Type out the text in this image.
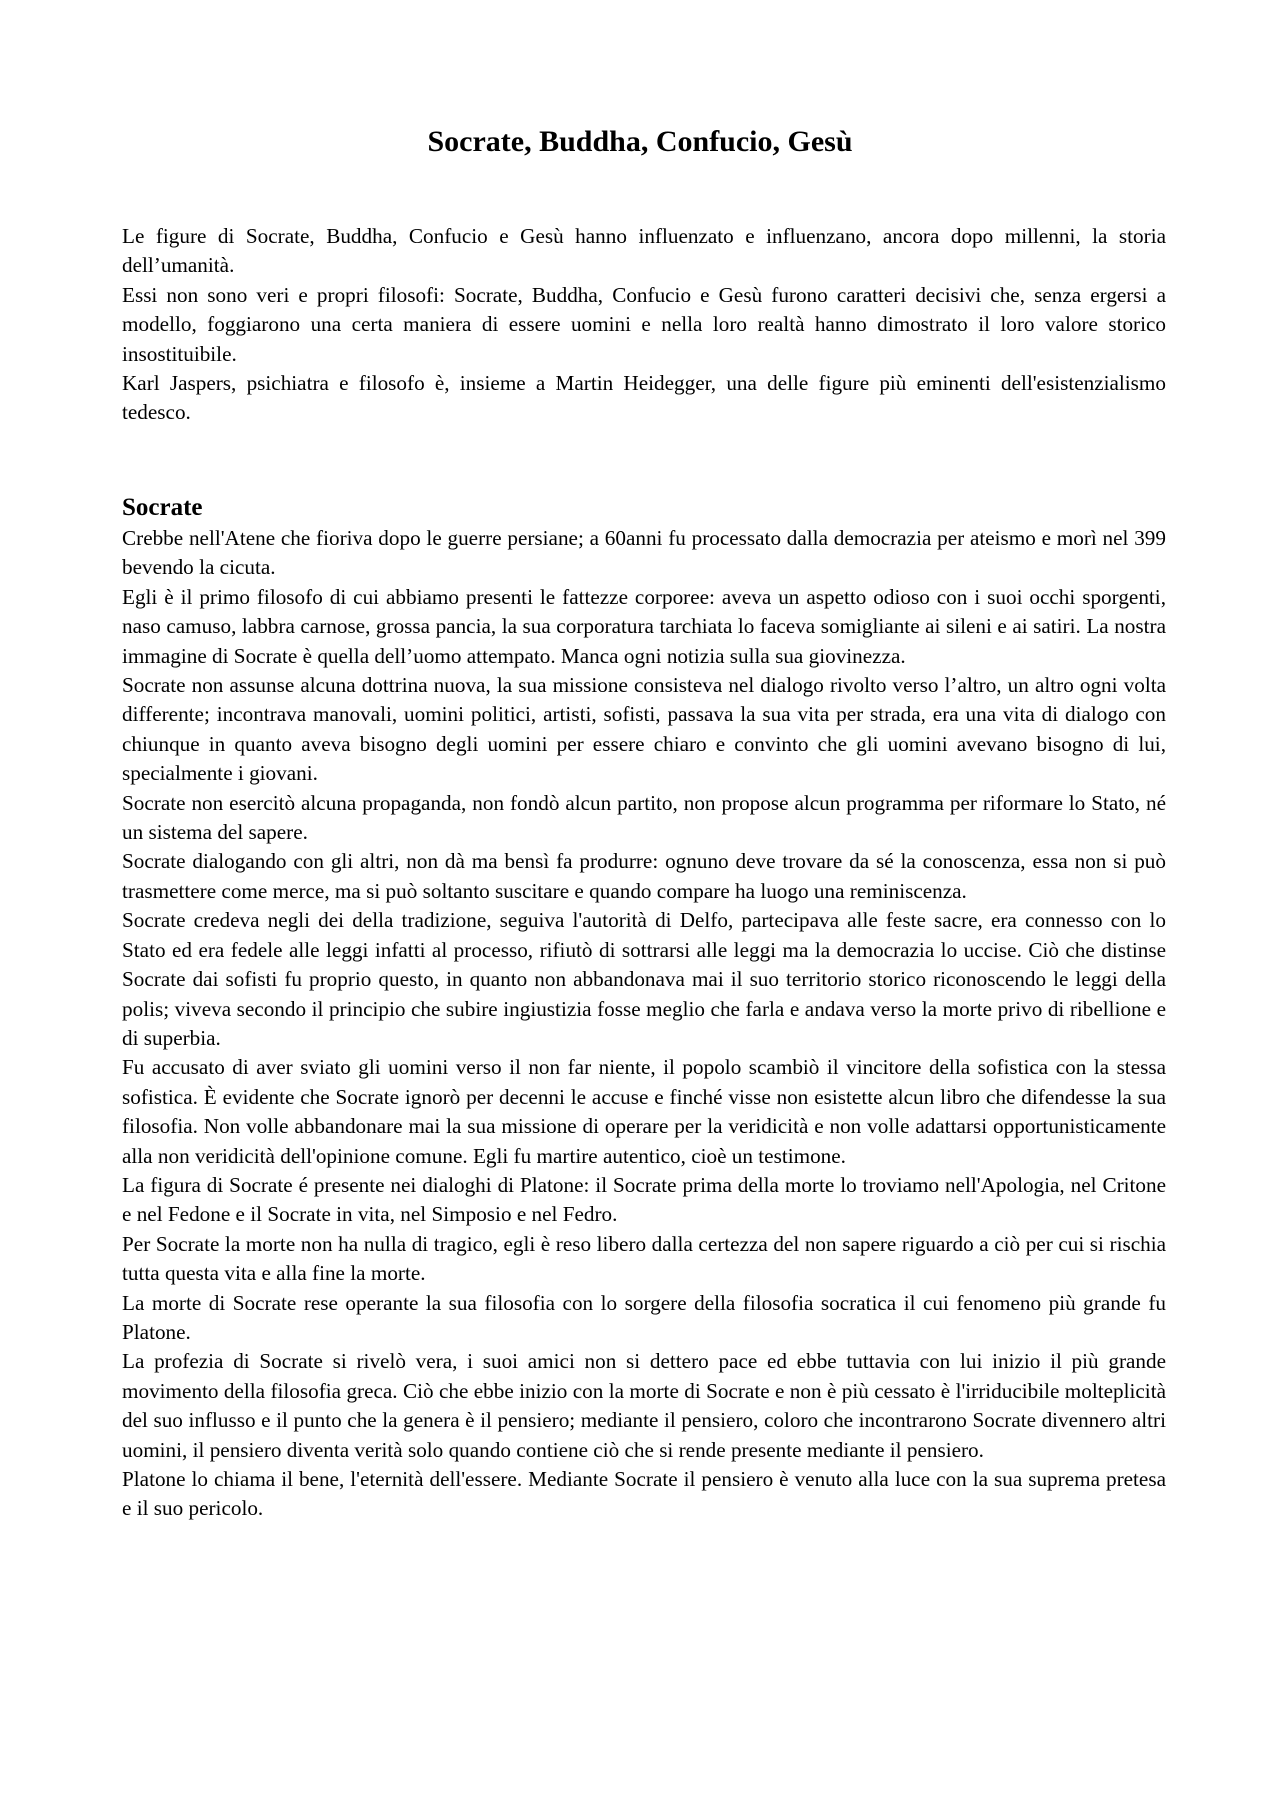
Socrate, Buddha, Confucio, Gesù

Le figure di Socrate, Buddha, Confucio e Gesù hanno influenzato e influenzano, ancora dopo millenni, la storia dell’umanità.

Essi non sono veri e propri filosofi: Socrate, Buddha, Confucio e Gesù furono caratteri decisivi che, senza ergersi a modello, foggiarono una certa maniera di essere uomini e nella loro realtà hanno dimostrato il loro valore storico insostituibile.

Karl Jaspers, psichiatra e filosofo è, insieme a Martin Heidegger, una delle figure più eminenti dell'esistenzialismo tedesco.

Socrate

Crebbe nell'Atene che fioriva dopo le guerre persiane; a 60anni fu processato dalla democrazia per ateismo e morì nel 399 bevendo la cicuta.

Egli è il primo filosofo di cui abbiamo presenti le fattezze corporee: aveva un aspetto odioso con i suoi occhi sporgenti, naso camuso, labbra carnose, grossa pancia, la sua corporatura tarchiata lo faceva somigliante ai sileni e ai satiri. La nostra immagine di Socrate è quella dell’uomo attempato. Manca ogni notizia sulla sua giovinezza.

Socrate non assunse alcuna dottrina nuova, la sua missione consisteva nel dialogo rivolto verso l’altro, un altro ogni volta differente; incontrava manovali, uomini politici, artisti, sofisti, passava la sua vita per strada, era una vita di dialogo con chiunque in quanto aveva bisogno degli uomini per essere chiaro e convinto che gli uomini avevano bisogno di lui, specialmente i giovani.

Socrate non esercitò alcuna propaganda, non fondò alcun partito, non propose alcun programma per riformare lo Stato, né un sistema del sapere.

Socrate dialogando con gli altri, non dà ma bensì fa produrre: ognuno deve trovare da sé la conoscenza, essa non si può trasmettere come merce, ma si può soltanto suscitare e quando compare ha luogo una reminiscenza.

Socrate credeva negli dei della tradizione, seguiva l'autorità di Delfo, partecipava alle feste sacre, era connesso con lo Stato ed era fedele alle leggi infatti al processo, rifiutò di sottrarsi alle leggi ma la democrazia lo uccise. Ciò che distinse Socrate dai sofisti fu proprio questo, in quanto non abbandonava mai il suo territorio storico riconoscendo le leggi della polis; viveva secondo il principio che subire ingiustizia fosse meglio che farla e andava verso la morte privo di ribellione e di superbia.

Fu accusato di aver sviato gli uomini verso il non far niente, il popolo scambiò il vincitore della sofistica con la stessa sofistica. È evidente che Socrate ignorò per decenni le accuse e finché visse non esistette alcun libro che difendesse la sua filosofia. Non volle abbandonare mai la sua missione di operare per la veridicità e non volle adattarsi opportunisticamente alla non veridicità dell'opinione comune. Egli fu martire autentico, cioè un testimone.

La figura di Socrate é presente nei dialoghi di Platone: il Socrate prima della morte lo troviamo nell'Apologia, nel Critone e nel Fedone e il Socrate in vita, nel Simposio e nel Fedro.

Per Socrate la morte non ha nulla di tragico, egli è reso libero dalla certezza del non sapere riguardo a ciò per cui si rischia tutta questa vita e alla fine la morte.

La morte di Socrate rese operante la sua filosofia con lo sorgere della filosofia socratica il cui fenomeno più grande fu Platone.

La profezia di Socrate si rivelò vera, i suoi amici non si dettero pace ed ebbe tuttavia con lui inizio il più grande movimento della filosofia greca. Ciò che ebbe inizio con la morte di Socrate e non è più cessato è l'irriducibile molteplicità del suo influsso e il punto che la genera è il pensiero; mediante il pensiero, coloro che incontrarono Socrate divennero altri uomini, il pensiero diventa verità solo quando contiene ciò che si rende presente mediante il pensiero.

Platone lo chiama il bene, l'eternità dell'essere. Mediante Socrate il pensiero è venuto alla luce con la sua suprema pretesa e il suo pericolo.
